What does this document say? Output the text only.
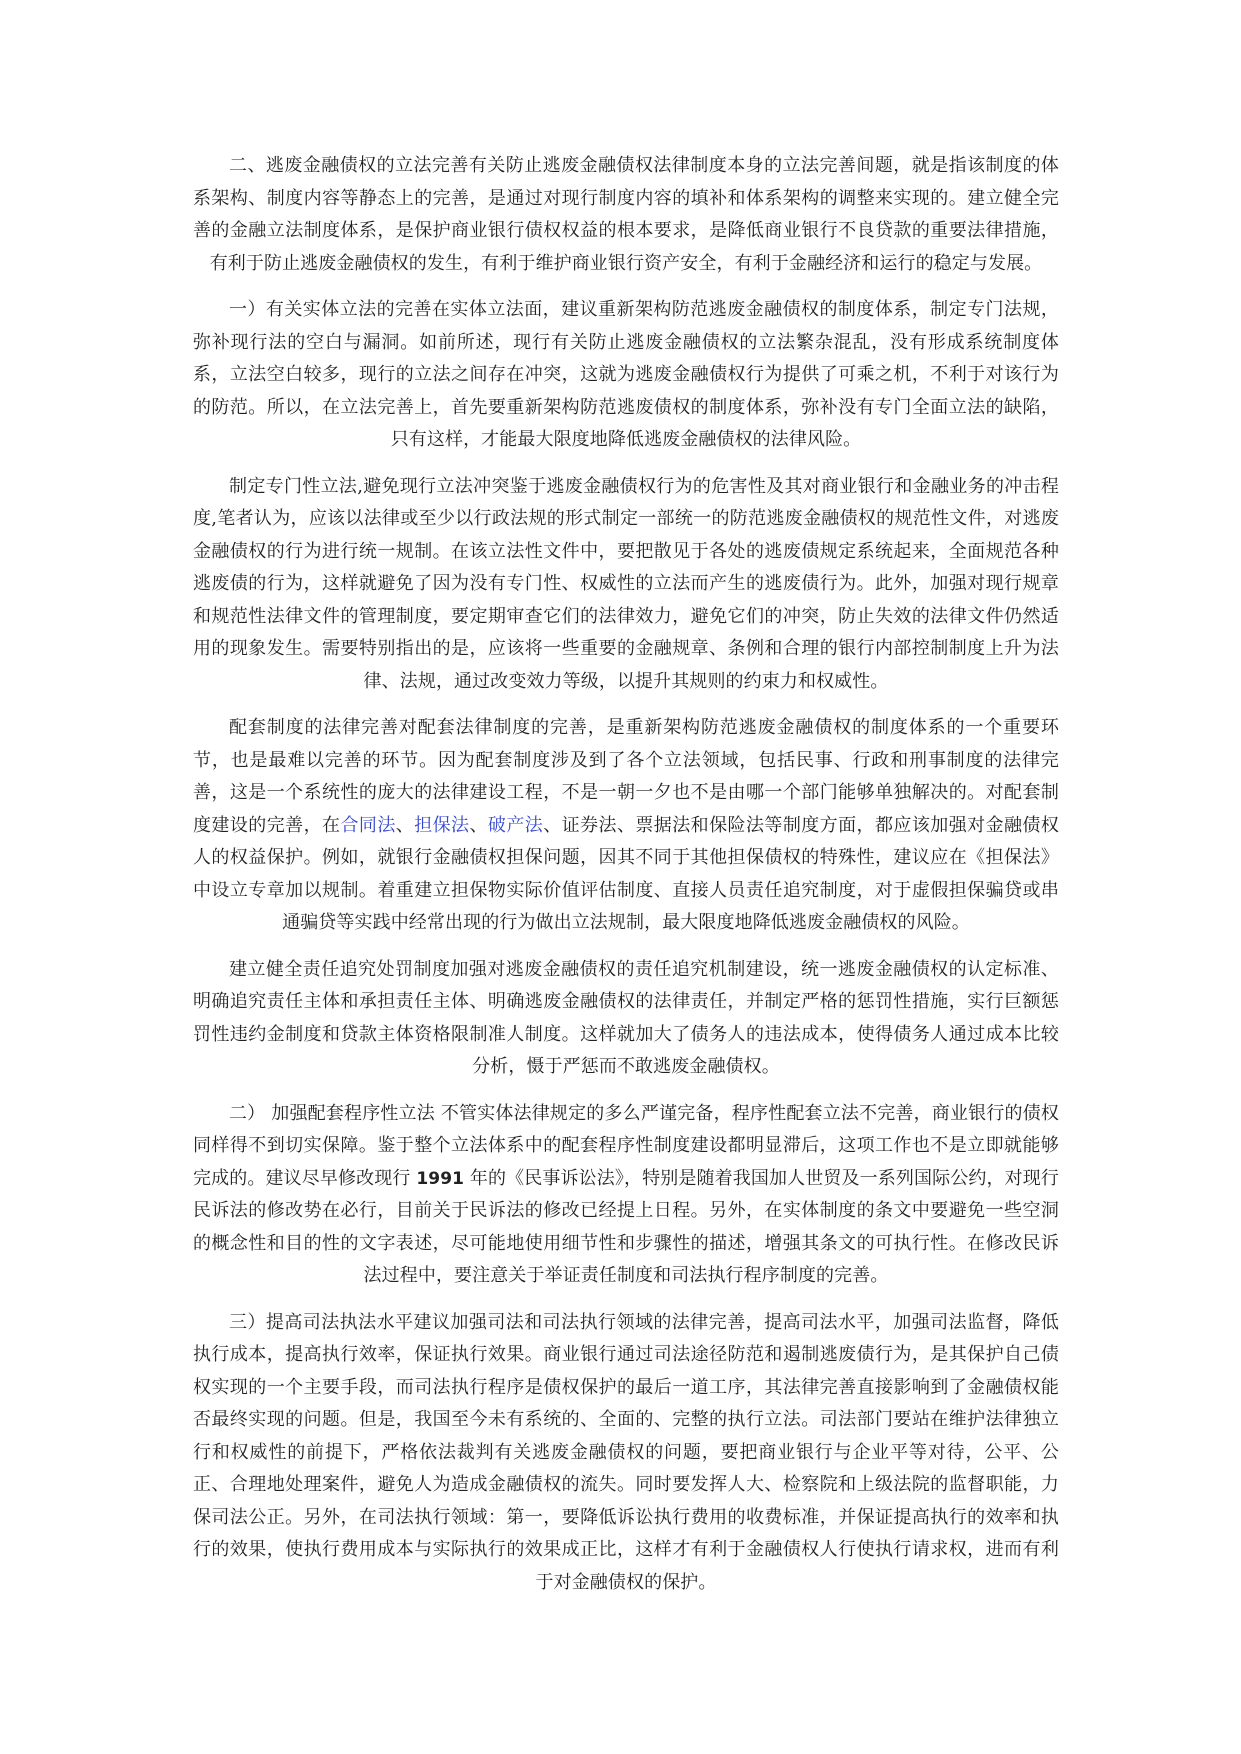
二、逃废金融债权的立法完善有关防止逃废金融债权法律制度本身的立法完善间题，就是指该制度的体系架构、制度内容等静态上的完善，是通过对现行制度内容的填补和体系架构的调整来实现的。建立健全完善的金融立法制度体系，是保护商业银行债权权益的根本要求，是降低商业银行不良贷款的重要法律措施，有利于防止逃废金融债权的发生，有利于维护商业银行资产安全，有利于金融经济和运行的稳定与发展。

一）有关实体立法的完善在实体立法面，建议重新架构防范逃废金融债权的制度体系，制定专门法规，弥补现行法的空白与漏洞。如前所述，现行有关防止逃废金融债权的立法繁杂混乱，没有形成系统制度体系，立法空白较多，现行的立法之间存在冲突，这就为逃废金融债权行为提供了可乘之机，不利于对该行为的防范。所以，在立法完善上，首先要重新架构防范逃废债权的制度体系，弥补没有专门全面立法的缺陷，只有这样，才能最大限度地降低逃废金融债权的法律风险。

制定专门性立法,避免现行立法冲突鉴于逃废金融债权行为的危害性及其对商业银行和金融业务的冲击程度,笔者认为，应该以法律或至少以行政法规的形式制定一部统一的防范逃废金融债权的规范性文件，对逃废金融债权的行为进行统一规制。在该立法性文件中，要把散见于各处的逃废债规定系统起来，全面规范各种逃废债的行为，这样就避免了因为没有专门性、权威性的立法而产生的逃废债行为。此外，加强对现行规章和规范性法律文件的管理制度，要定期审查它们的法律效力，避免它们的冲突，防止失效的法律文件仍然适用的现象发生。需要特别指出的是，应该将一些重要的金融规章、条例和合理的银行内部控制制度上升为法律、法规，通过改变效力等级，以提升其规则的约束力和权威性。

配套制度的法律完善对配套法律制度的完善，是重新架构防范逃废金融债权的制度体系的一个重要环节，也是最难以完善的环节。因为配套制度涉及到了各个立法领域，包括民事、行政和刑事制度的法律完善，这是一个系统性的庞大的法律建设工程，不是一朝一夕也不是由哪一个部门能够单独解决的。对配套制度建设的完善，在合同法、担保法、破产法、证券法、票据法和保险法等制度方面，都应该加强对金融债权人的权益保护。例如，就银行金融债权担保问题，因其不同于其他担保债权的特殊性，建议应在《担保法》中设立专章加以规制。着重建立担保物实际价值评估制度、直接人员责任追究制度，对于虚假担保骗贷或串通骗贷等实践中经常出现的行为做出立法规制，最大限度地降低逃废金融债权的风险。

建立健全责任追究处罚制度加强对逃废金融债权的责任追究机制建设，统一逃废金融债权的认定标准、明确追究责任主体和承担责任主体、明确逃废金融债权的法律责任，并制定严格的惩罚性措施，实行巨额惩罚性违约金制度和贷款主体资格限制准人制度。这样就加大了债务人的违法成本，使得债务人通过成本比较分析，慑于严惩而不敢逃废金融债权。

二） 加强配套程序性立法 不管实体法律规定的多么严谨完备，程序性配套立法不完善，商业银行的债权同样得不到切实保障。鉴于整个立法体系中的配套程序性制度建设都明显滞后，这项工作也不是立即就能够完成的。建议尽早修改现行 1991 年的《民事诉讼法》，特别是随着我国加人世贸及一系列国际公约，对现行民诉法的修改势在必行，目前关于民诉法的修改已经提上日程。另外，在实体制度的条文中要避免一些空洞的概念性和目的性的文字表述，尽可能地使用细节性和步骤性的描述，增强其条文的可执行性。在修改民诉法过程中，要注意关于举证责任制度和司法执行程序制度的完善。

三）提高司法执法水平建议加强司法和司法执行领域的法律完善，提高司法水平，加强司法监督，降低执行成本，提高执行效率，保证执行效果。商业银行通过司法途径防范和遏制逃废债行为，是其保护自己债权实现的一个主要手段，而司法执行程序是债权保护的最后一道工序，其法律完善直接影响到了金融债权能否最终实现的问题。但是，我国至今未有系统的、全面的、完整的执行立法。司法部门要站在维护法律独立行和权威性的前提下，严格依法裁判有关逃废金融债权的问题，要把商业银行与企业平等对待，公平、公正、合理地处理案件，避免人为造成金融债权的流失。同时要发挥人大、检察院和上级法院的监督职能，力保司法公正。另外，在司法执行领域：第一，要降低诉讼执行费用的收费标准，并保证提高执行的效率和执行的效果，使执行费用成本与实际执行的效果成正比，这样才有利于金融债权人行使执行请求权，进而有利于对金融债权的保护。
